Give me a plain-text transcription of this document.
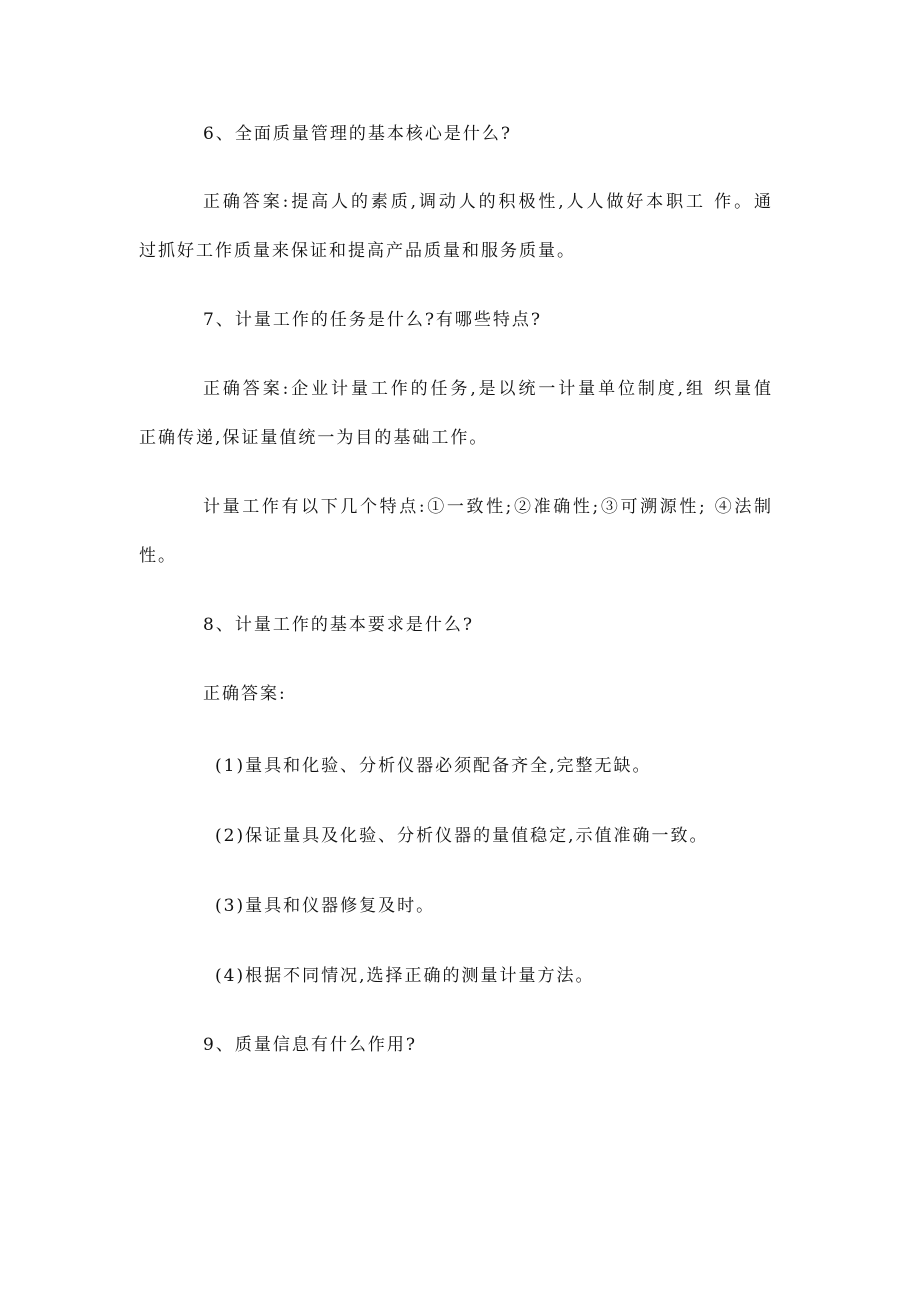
6、全面质量管理的基本核心是什么?
正确答案:提高人的素质,调动人的积极性,人人做好本职工 作。通
过抓好工作质量来保证和提高产品质量和服务质量。
7、计量工作的任务是什么?有哪些特点?
正确答案:企业计量工作的任务,是以统一计量单位制度,组 织量值
正确传递,保证量值统一为目的基础工作。
计量工作有以下几个特点:①一致性;②准确性;③可溯源性; ④法制
性。
8、计量工作的基本要求是什么?
正确答案:
(1)量具和化验、分析仪器必须配备齐全,完整无缺。
(2)保证量具及化验、分析仪器的量值稳定,示值准确一致。
(3)量具和仪器修复及时。
(4)根据不同情况,选择正确的测量计量方法。
9、质量信息有什么作用?
